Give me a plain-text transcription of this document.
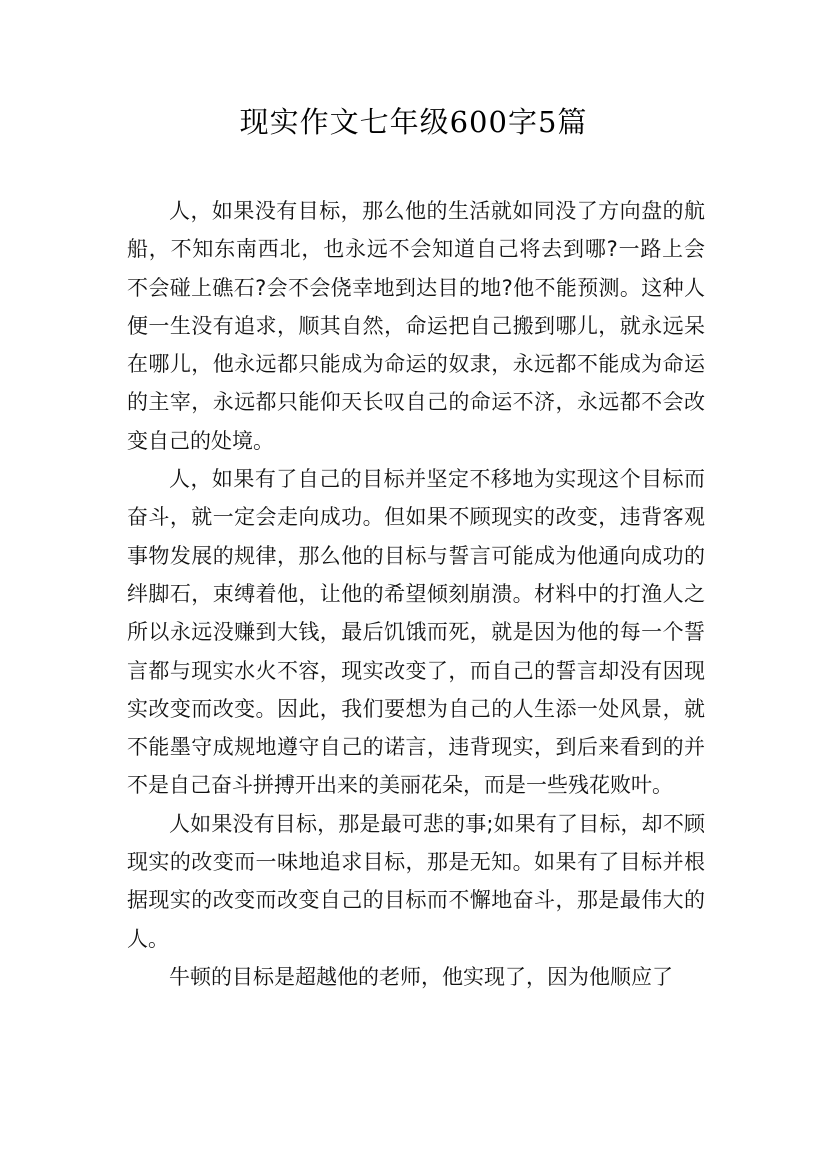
现实作文七年级600字5篇

人，如果没有目标，那么他的生活就如同没了方向盘的航船，不知东南西北，也永远不会知道自己将去到哪?一路上会不会碰上礁石?会不会侥幸地到达目的地?他不能预测。这种人便一生没有追求，顺其自然，命运把自己搬到哪儿，就永远呆在哪儿，他永远都只能成为命运的奴隶，永远都不能成为命运的主宰，永远都只能仰天长叹自己的命运不济，永远都不会改变自己的处境。

人，如果有了自己的目标并坚定不移地为实现这个目标而奋斗，就一定会走向成功。但如果不顾现实的改变，违背客观事物发展的规律，那么他的目标与誓言可能成为他通向成功的绊脚石，束缚着他，让他的希望倾刻崩溃。材料中的打渔人之所以永远没赚到大钱，最后饥饿而死，就是因为他的每一个誓言都与现实水火不容，现实改变了，而自己的誓言却没有因现实改变而改变。因此，我们要想为自己的人生添一处风景，就不能墨守成规地遵守自己的诺言，违背现实，到后来看到的并不是自己奋斗拼搏开出来的美丽花朵，而是一些残花败叶。

人如果没有目标，那是最可悲的事;如果有了目标，却不顾现实的改变而一味地追求目标，那是无知。如果有了目标并根据现实的改变而改变自己的目标而不懈地奋斗，那是最伟大的人。

牛顿的目标是超越他的老师，他实现了，因为他顺应了
